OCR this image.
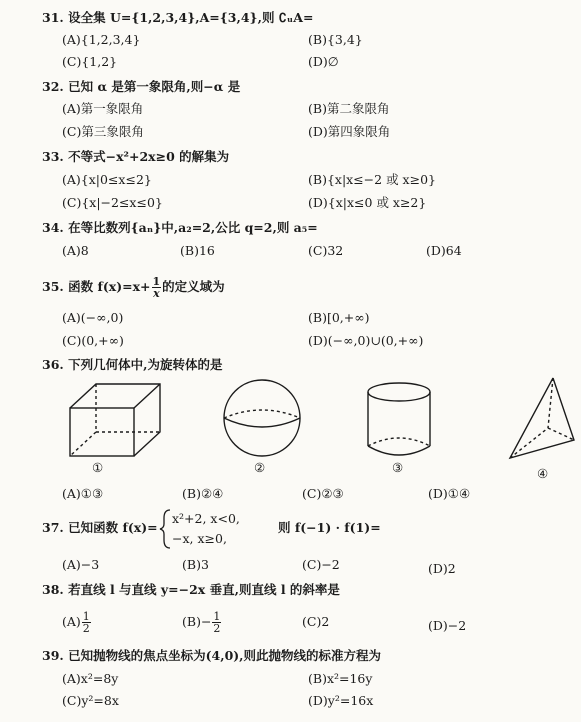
31. 设全集 U={1,2,3,4},A={3,4},则 ∁ᵤA=
(A){1,2,3,4}	(B){3,4}
(C){1,2}	(D)∅
32. 已知 α 是第一象限角,则−α 是
(A)第一象限角	(B)第二象限角
(C)第三象限角	(D)第四象限角
33. 不等式−x²+2x≥0 的解集为
(A){x|0≤x≤2}	(B){x|x≤−2 或 x≥0}
(C){x|−2≤x≤0}	(D){x|x≤0 或 x≥2}
34. 在等比数列{aₙ}中,a₂=2,公比 q=2,则 a₅=
(A)8	(B)16	(C)32	(D)64
35. 函数 $f(x)=x+ \frac{1}{x}$ 的定义域为
(A)(−∞,0)	(B)[0,+∞)
(C)(0,+∞)	(D)(−∞,0)∪(0,+∞)
36. 下列几何体中,为旋转体的是
①	②	③	④
(A)①③	(B)②④	(C)②③	(D)①④
37. 已知函数 f(x)=
x²+2, x<0,
−x, x≥0,
则 f(−1) · f(1)=
(A)−3	(B)3	(C)−2	(D)2
38. 若直线 l 与直线 y=−2x 垂直,则直线 l 的斜率是
$(A) \frac{1}{2}$	$(B)- \frac{1}{2}$	(C)2	(D)−2
39. 已知抛物线的焦点坐标为(4,0),则此抛物线的标准方程为
(A)x²=8y	(B)x²=16y
(C)y²=8x	(D)y²=16x
